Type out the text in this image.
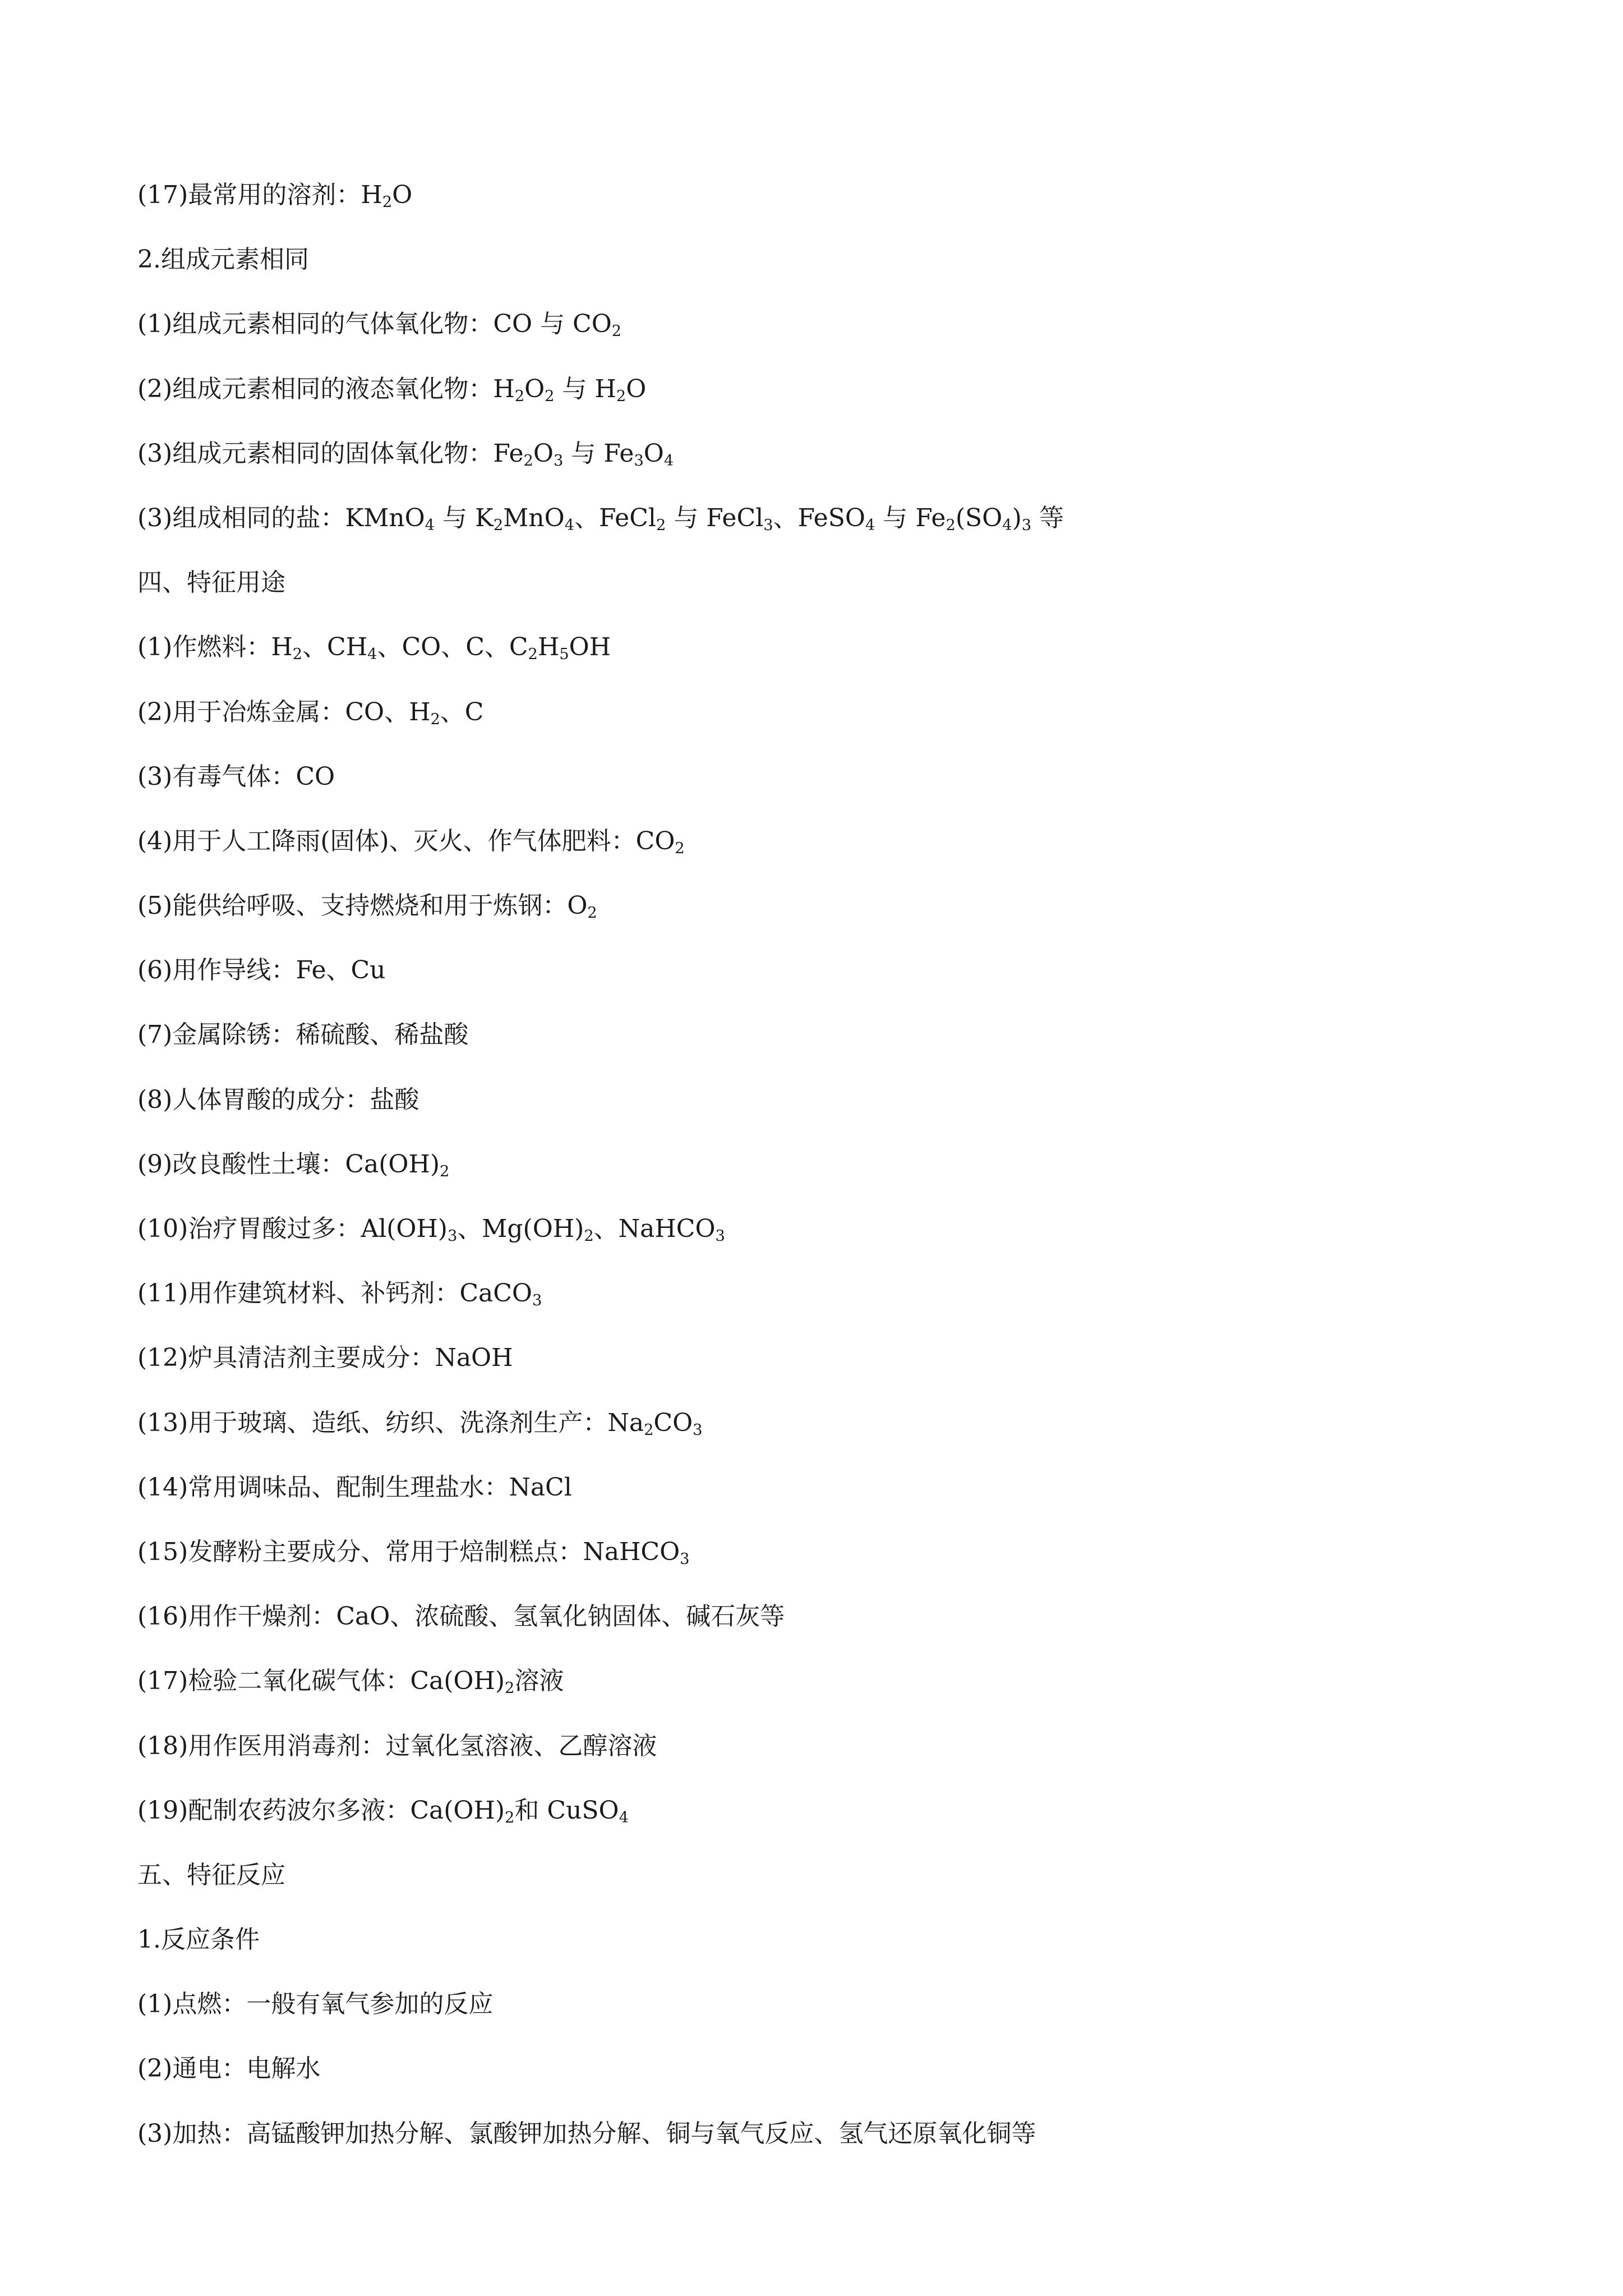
(17)最常用的溶剂：$H_2O$
2.组成元素相同
(1)组成元素相同的气体氧化物：CO 与 $CO_2$
(2)组成元素相同的液态氧化物：$H_2O_2$ 与 $H_2O$
(3)组成元素相同的固体氧化物：$Fe_2O_3$ 与 $Fe_3O_4$
(3)组成相同的盐：KMnO$_4$ 与 $K_2MnO_4$、FeCl$_2$ 与 FeCl$_3$、FeSO$_4$ 与 $Fe_2(SO_4)_3$ 等
四、特征用途
(1)作燃料：$H_2$、$CH_4$、CO、C、$C_2H_5OH$
(2)用于冶炼金属：CO、$H_2$、C
(3)有毒气体：CO
(4)用于人工降雨(固体)、灭火、作气体肥料：$CO_2$
(5)能供给呼吸、支持燃烧和用于炼钢：$O_2$
(6)用作导线：Fe、Cu
(7)金属除锈：稀硫酸、稀盐酸
(8)人体胃酸的成分：盐酸
(9)改良酸性土壤：$Ca(OH)_2$
(10)治疗胃酸过多：$Al(OH)_3$、$Mg(OH)_2$、NaHCO$_3$
(11)用作建筑材料、补钙剂：CaCO$_3$
(12)炉具清洁剂主要成分：NaOH
(13)用于玻璃、造纸、纺织、洗涤剂生产：$Na_2CO_3$
(14)常用调味品、配制生理盐水：NaCl
(15)发酵粉主要成分、常用于焙制糕点：NaHCO$_3$
(16)用作干燥剂：CaO、浓硫酸、氢氧化钠固体、碱石灰等
(17)检验二氧化碳气体：$Ca(OH)_2$溶液
(18)用作医用消毒剂：过氧化氢溶液、乙醇溶液
(19)配制农药波尔多液：$Ca(OH)_2$和 CuSO$_4$
五、特征反应
1.反应条件
(1)点燃：一般有氧气参加的反应
(2)通电：电解水
(3)加热：高锰酸钾加热分解、氯酸钾加热分解、铜与氧气反应、氢气还原氧化铜等
